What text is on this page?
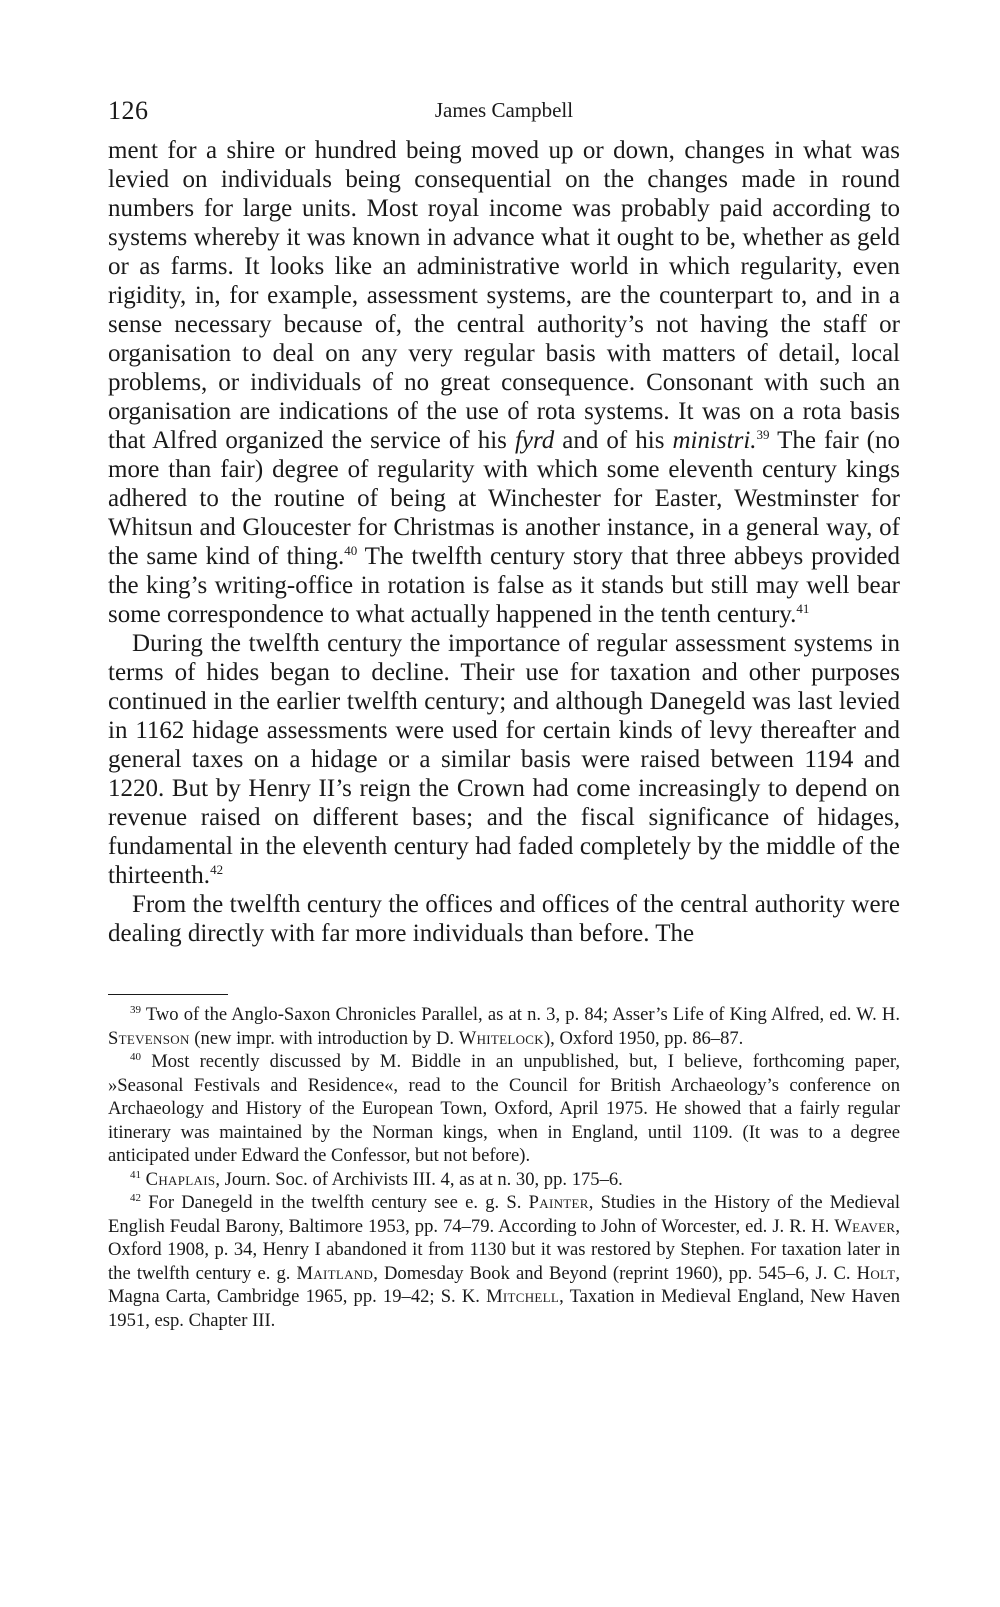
126	James Campbell

ment for a shire or hundred being moved up or down, changes in what was levied on individuals being consequential on the changes made in round numbers for large units. Most royal income was probably paid according to systems whereby it was known in advance what it ought to be, whether as geld or as farms. It looks like an administrative world in which regularity, even rigidity, in, for example, assessment systems, are the counterpart to, and in a sense necessary because of, the central authority’s not having the staff or organisation to deal on any very regular basis with matters of detail, local problems, or individuals of no great consequence. Consonant with such an organisation are indications of the use of rota systems. It was on a rota basis that Alfred organized the service of his fyrd and of his ministri.$^{39}$ The fair (no more than fair) degree of regularity with which some eleventh century kings adhered to the routine of being at Winchester for Easter, Westminster for Whitsun and Gloucester for Christmas is another instance, in a general way, of the same kind of thing.$^{40}$ The twelfth century story that three abbeys provided the king’s writing-office in rotation is false as it stands but still may well bear some correspondence to what actually happened in the tenth century.$^{41}$

During the twelfth century the importance of regular assessment systems in terms of hides began to decline. Their use for taxation and other purposes continued in the earlier twelfth century; and although Danegeld was last levied in 1162 hidage assessments were used for certain kinds of levy thereafter and general taxes on a hidage or a similar basis were raised between 1194 and 1220. But by Henry II’s reign the Crown had come increasingly to depend on revenue raised on different bases; and the fiscal significance of hidages, fundamental in the eleventh century had faded completely by the middle of the thirteenth.$^{42}$

From the twelfth century the offices and offices of the central authority were dealing directly with far more individuals than before. The

$^{39}$ Two of the Anglo-Saxon Chronicles Parallel, as at n. 3, p. 84; Asser’s Life of King Alfred, ed. W. H. Stevenson (new impr. with introduction by D. Whitelock), Oxford 1950, pp. 86–87.

$^{40}$ Most recently discussed by M. Biddle in an unpublished, but, I believe, forthcoming paper, »Seasonal Festivals and Residence«, read to the Council for British Archaeology’s conference on Archaeology and History of the European Town, Oxford, April 1975. He showed that a fairly regular itinerary was maintained by the Norman kings, when in England, until 1109. (It was to a degree anticipated under Edward the Confessor, but not before).

$^{41}$ Chaplais, Journ. Soc. of Archivists III. 4, as at n. 30, pp. 175–6.

$^{42}$ For Danegeld in the twelfth century see e. g. S. Painter, Studies in the History of the Medieval English Feudal Barony, Baltimore 1953, pp. 74–79. According to John of Worcester, ed. J. R. H. Weaver, Oxford 1908, p. 34, Henry I abandoned it from 1130 but it was restored by Stephen. For taxation later in the twelfth century e. g. Maitland, Domesday Book and Beyond (reprint 1960), pp. 545–6, J. C. Holt, Magna Carta, Cambridge 1965, pp. 19–42; S. K. Mitchell, Taxation in Medieval England, New Haven 1951, esp. Chapter III.
